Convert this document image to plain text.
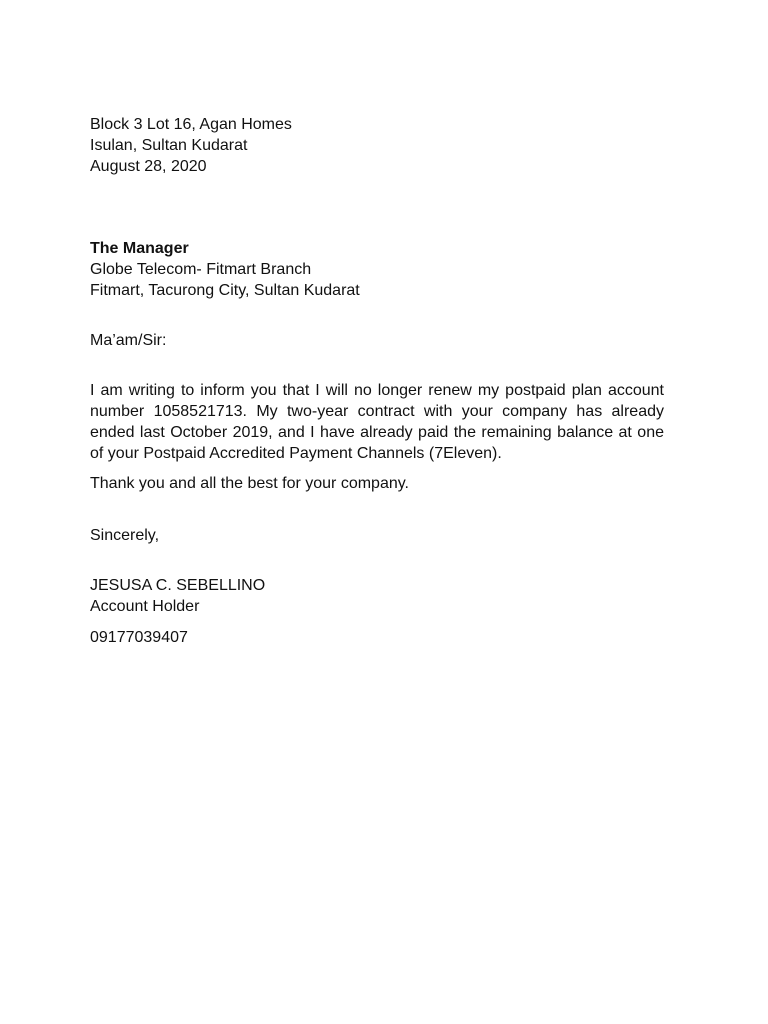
Block 3 Lot 16, Agan Homes
Isulan, Sultan Kudarat
August 28, 2020
The Manager
Globe Telecom- Fitmart Branch
Fitmart, Tacurong City, Sultan Kudarat
Ma’am/Sir:
I am writing to inform you that I will no longer renew my postpaid plan account number 1058521713. My two-year contract with your company has already ended last October 2019, and I have already paid the remaining balance at one of your Postpaid Accredited Payment Channels (7Eleven).
Thank you and all the best for your company.
Sincerely,
JESUSA C. SEBELLINO
Account Holder
09177039407
